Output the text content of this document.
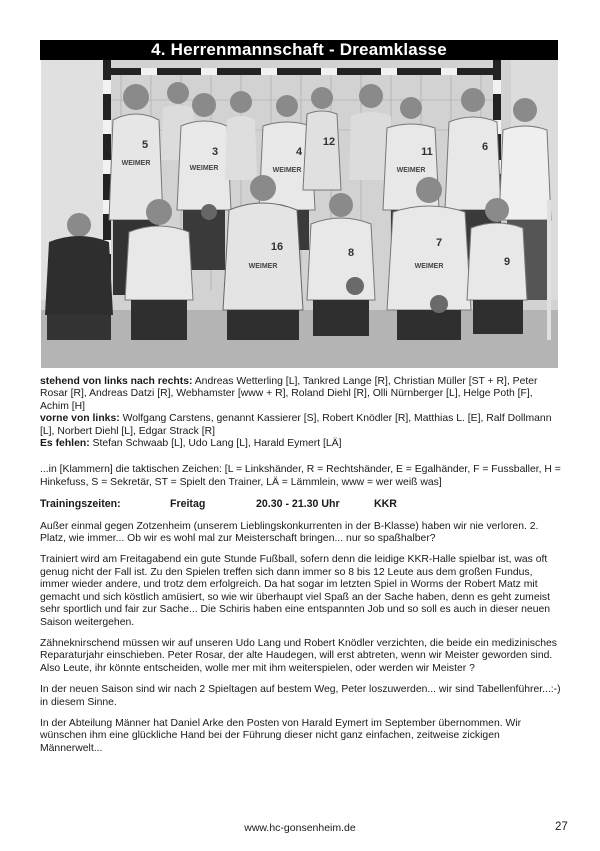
4. Herrenmannschaft - Dreamklasse
5
3	4
12
11	6
16	8
7
9
WEIMER
WEIMER	WEIMER	WEIMER
WEIMER	WEIMER

stehend von links nach rechts: Andreas Wetterling [L], Tankred Lange [R], Christian Müller [ST + R], Peter Rosar [R], Andreas Datzi [R], Webhamster [www + R], Roland Diehl [R], Olli Nürnberger [L], Helge Poth [F], Achim [H]
vorne von links: Wolfgang Carstens, genannt Kassierer [S], Robert Knödler [R], Matthias L. [E], Ralf Dollmann [L], Norbert Diehl [L], Edgar Strack [R]
Es fehlen: Stefan Schwaab [L], Udo Lang [L], Harald Eymert [LÄ]

...in [Klammern] die taktischen Zeichen: [L = Linkshänder, R = Rechtshänder, E = Egalhänder, F = Fussballer, H = Hinkefuss, S = Sekretär, ST = Spielt den Trainer, LÄ = Lämmlein, www = wer weiß was]

Trainingszeiten:	Freitag	20.30 - 21.30 Uhr	KKR

Außer einmal gegen Zotzenheim (unserem Lieblingskonkurrenten in der B-Klasse) haben wir nie verloren. 2. Platz, wie immer... Ob wir es wohl mal zur Meisterschaft bringen... nur so spaßhalber?

Trainiert wird am Freitagabend ein gute Stunde Fußball, sofern denn die leidige KKR-Halle spielbar ist, was oft genug nicht der Fall ist. Zu den Spielen treffen sich dann immer so 8 bis 12 Leute aus dem großen Fundus, immer wieder andere, und trotz dem erfolgreich. Da hat sogar im letzten Spiel in Worms der Robert Matz mit gemacht und sich köstlich amüsiert, so wie wir überhaupt viel Spaß an der Sache haben, denn es geht zumeist sehr sportlich und fair zur Sache... Die Schiris haben eine entspannten Job und so soll es auch in dieser neuen Saison weitergehen.

Zähneknirschend müssen wir auf unseren Udo Lang und Robert Knödler verzichten, die beide ein medizinisches Reparaturjahr einschieben. Peter Rosar, der alte Haudegen, will erst abtreten, wenn wir Meister geworden sind. Also Leute, ihr könnte entscheiden, wolle mer mit ihm weiterspielen, oder werden wir Meister ?

In der neuen Saison sind wir nach 2 Spieltagen auf bestem Weg, Peter loszuwerden... wir sind Tabellenführer...:-) in diesem Sinne.

In der Abteilung Männer hat Daniel Arke den Posten von Harald Eymert im September übernommen. Wir wünschen ihm eine glückliche Hand bei der Führung dieser nicht ganz einfachen, zeitweise zickigen Männerwelt...

www.hc-gonsenheim.de	27
